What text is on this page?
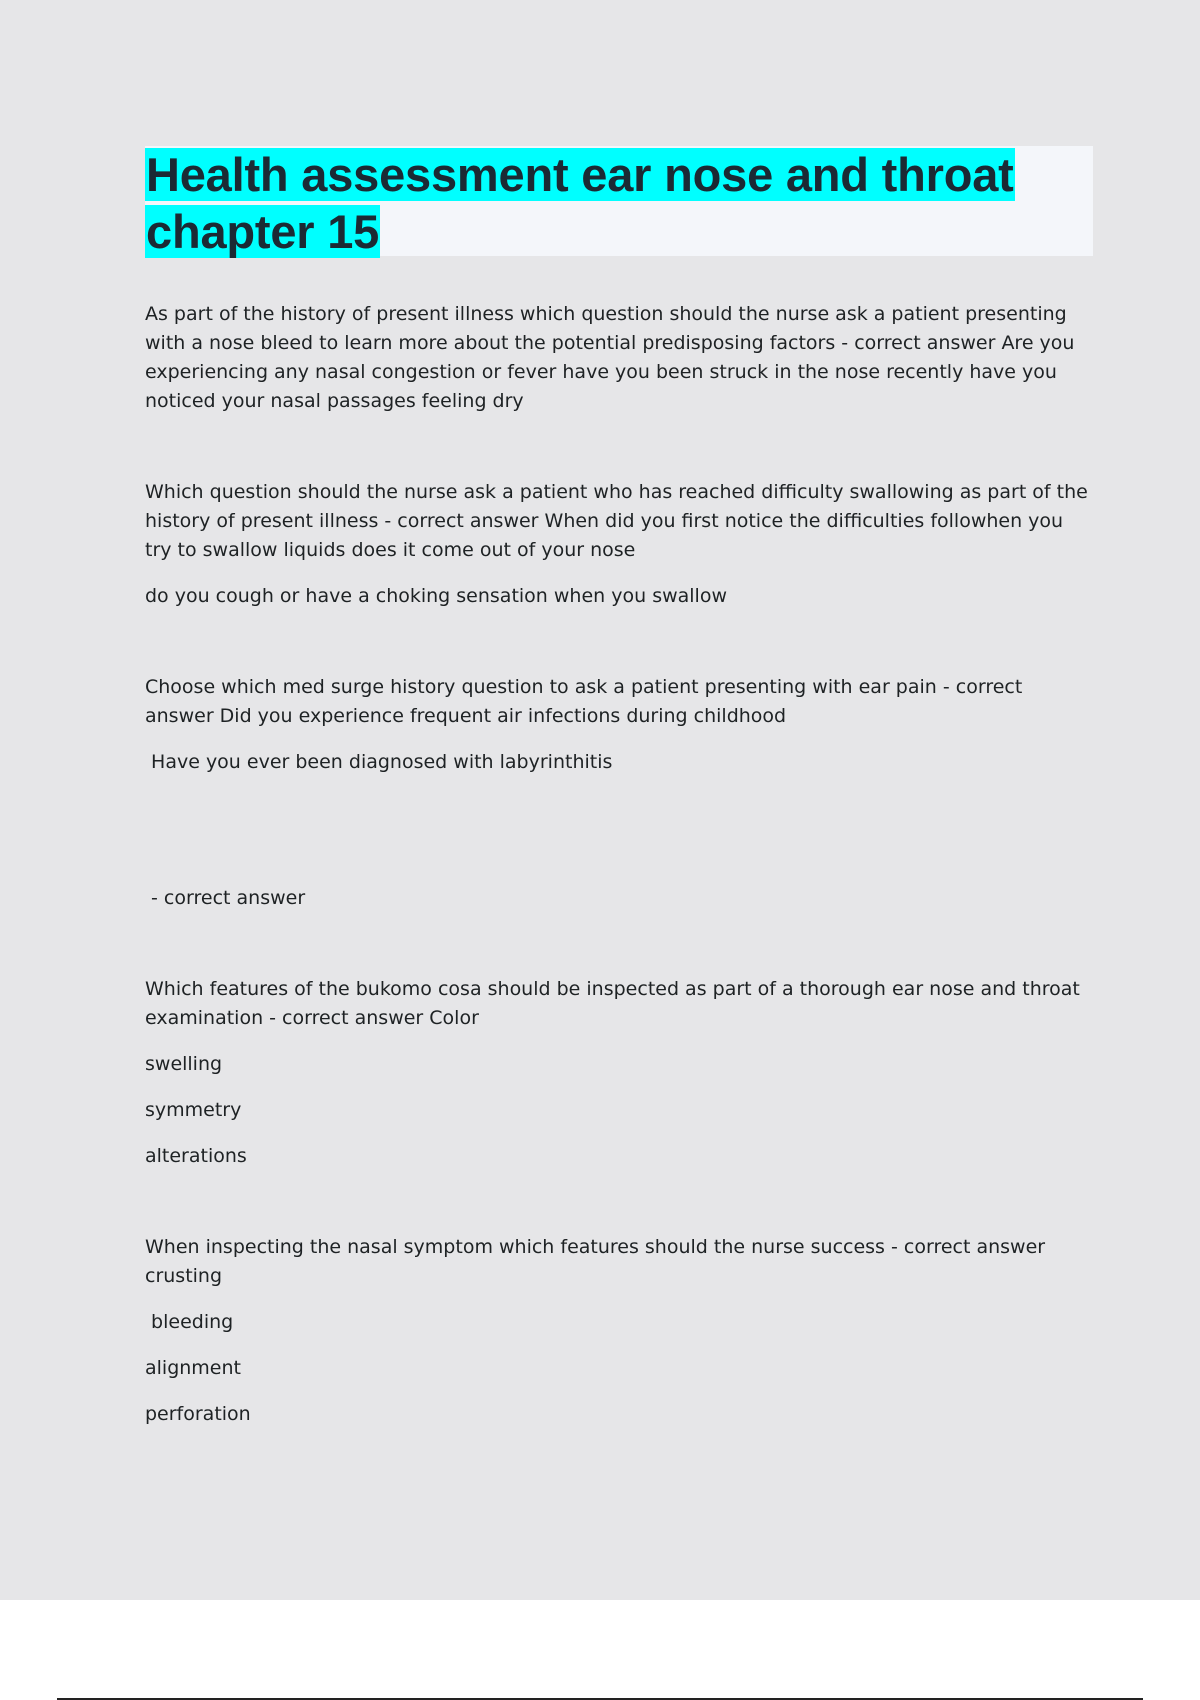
Health assessment ear nose and throat
chapter 15

As part of the history of present illness which question should the nurse ask a patient presenting with a nose bleed to learn more about the potential predisposing factors - correct answer Are you experiencing any nasal congestion or fever have you been struck in the nose recently have you noticed your nasal passages feeling dry

Which question should the nurse ask a patient who has reached difficulty swallowing as part of the history of present illness - correct answer When did you first notice the difficulties followhen you try to swallow liquids does it come out of your nose

do you cough or have a choking sensation when you swallow

Choose which med surge history question to ask a patient presenting with ear pain - correct answer Did you experience frequent air infections during childhood

Have you ever been diagnosed with labyrinthitis

- correct answer

Which features of the bukomo cosa should be inspected as part of a thorough ear nose and throat examination - correct answer Color

swelling

symmetry

alterations

When inspecting the nasal symptom which features should the nurse success - correct answer crusting

bleeding

alignment

perforation
